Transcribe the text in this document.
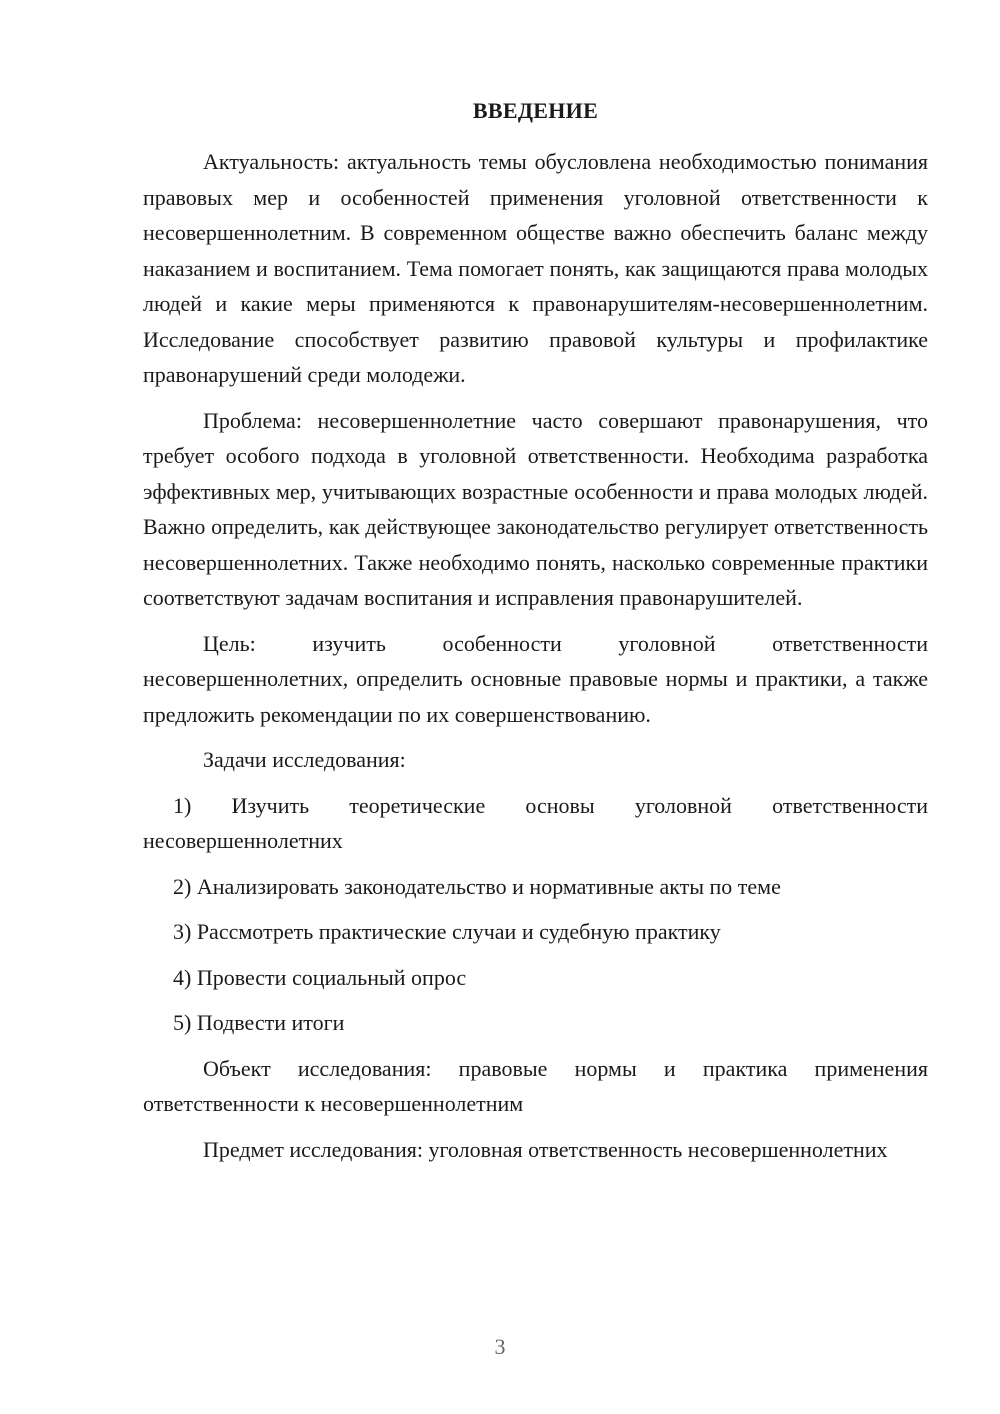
ВВЕДЕНИЕ

Актуальность: актуальность темы обусловлена необходимостью понимания правовых мер и особенностей применения уголовной ответственности к несовершеннолетним. В современном обществе важно обеспечить баланс между наказанием и воспитанием. Тема помогает понять, как защищаются права молодых людей и какие меры применяются к правонарушителям-несовершеннолетним. Исследование способствует развитию правовой культуры и профилактике правонарушений среди молодежи.

Проблема: несовершеннолетние часто совершают правонарушения, что требует особого подхода в уголовной ответственности. Необходима разработка эффективных мер, учитывающих возрастные особенности и права молодых людей. Важно определить, как действующее законодательство регулирует ответственность несовершеннолетних. Также необходимо понять, насколько современные практики соответствуют задачам воспитания и исправления правонарушителей.

Цель: изучить особенности уголовной ответственности несовершеннолетних, определить основные правовые нормы и практики, а также предложить рекомендации по их совершенствованию.

Задачи исследования:

1) Изучить теоретические основы уголовной ответственности несовершеннолетних

2) Анализировать законодательство и нормативные акты по теме

3) Рассмотреть практические случаи и судебную практику

4) Провести социальный опрос

5) Подвести итоги

Объект исследования: правовые нормы и практика применения ответственности к несовершеннолетним

Предмет исследования: уголовная ответственность несовершеннолетних

3
